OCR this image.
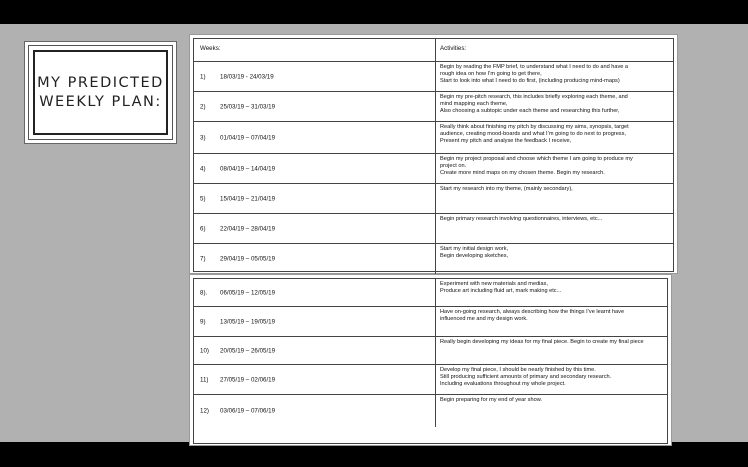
MY PREDICTED
WEEKLY PLAN:
Weeks:	Activities:
1) 18/03/19 - 24/03/19
Begin by reading the FMP brief, to understand what I need to do and have a
rough idea on how I’m going to get there,
Start to look into what I need to do first, (including producing mind-maps)
2) 25/03/19 – 31/03/19
Begin my pre-pitch research, this includes briefly exploring each theme, and
mind mapping each theme,
Also choosing a subtopic under each theme and researching this further,
3) 01/04/19 – 07/04/19
Really think about finishing my pitch by discussing my aims, synopsis, target
audience, creating mood-boards and what I’m going to do next to progress,
Present my pitch and analyse the feedback I receive,
4) 08/04/19 – 14/04/19
Begin my project proposal and choose which theme I am going to produce my
project on.
Create more mind maps on my chosen theme. Begin my research.
5) 15/04/19 – 21/04/19
Start my research into my theme, (mainly secondary),
6) 22/04/19 – 28/04/19
Begin primary research involving questionnaires, interviews, etc...
7) 29/04/19 – 05/05/19
Start my initial design work,
Begin developing sketches,
8). 06/05/19 – 12/05/19
Experiment with new materials and medias,
Produce art including fluid art, mark making etc...
9) 13/05/19 – 19/05/19
Have on-going research, always describing how the things I’ve learnt have
influenced me and my design work.
10) 20/05/19 – 26/05/19
Really begin developing my ideas for my final piece. Begin to create my final piece
11) 27/05/19 – 02/06/19
Develop my final piece, I should be nearly finished by this time.
Still producing sufficient amounts of primary and secondary research.
Including evaluations throughout my whole project.
12) 03/06/19 – 07/06/19
Begin preparing for my end of year show.
